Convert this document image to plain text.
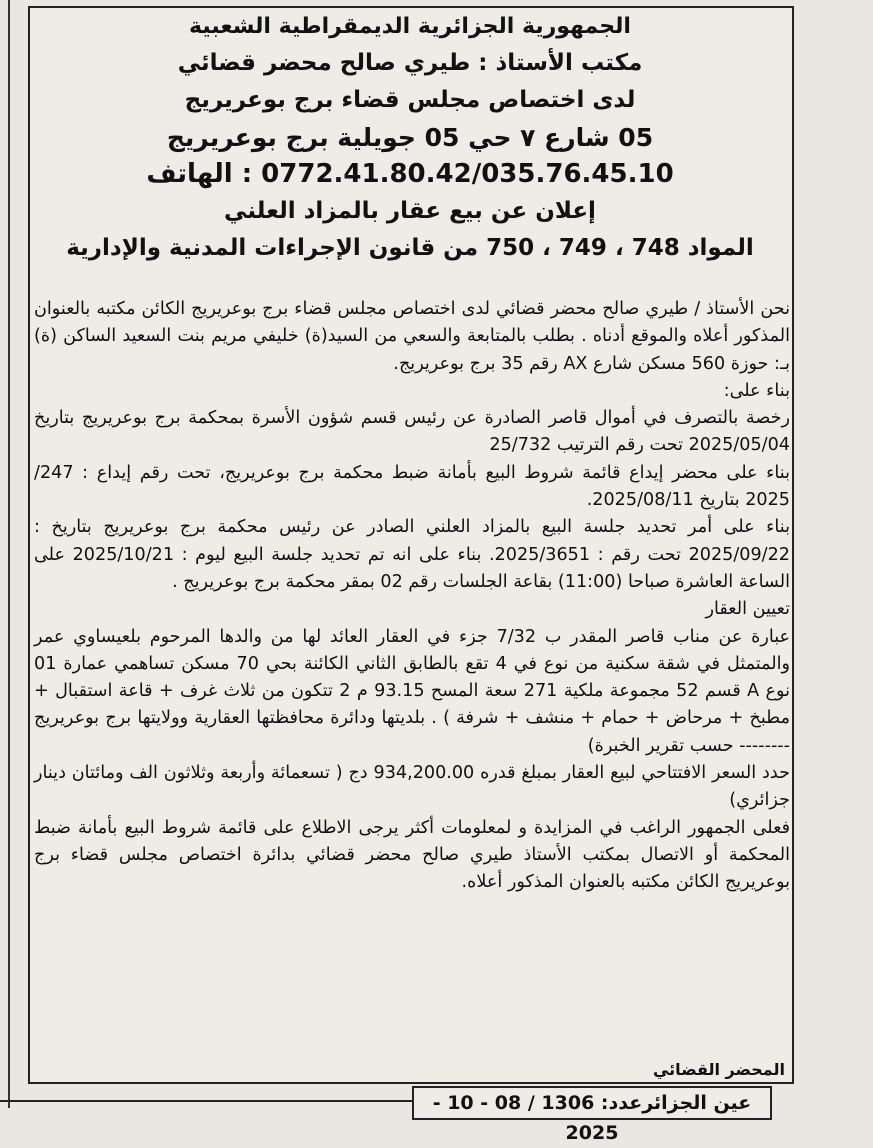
الجمهورية الجزائرية الديمقراطية الشعبية

مكتب الأستاذ : طيري صالح محضر قضائي

لدى اختصاص مجلس قضاء برج بوعريريج

05 شارع ٧ حي 05 جويلية برج بوعريريج

0772.41.80.42/035.76.45.10 : الهاتف

إعلان عن بيع عقار بالمزاد العلني

المواد 748 ، 749 ، 750 من قانون الإجراءات المدنية والإدارية

نحن الأستاذ / طيري صالح محضر قضائي لدى اختصاص مجلس قضاء برج بوعريريج الكائن مكتبه بالعنوان المذكور أعلاه والموقع أدناه . بطلب بالمتابعة والسعي من السيد(ة) خليفي مريم بنت السعيد الساكن (ة) بـ: حوزة 560 مسكن شارع AX رقم 35 برج بوعريريج.

بناء على:

رخصة بالتصرف في أموال قاصر الصادرة عن رئيس قسم شؤون الأسرة بمحكمة برج بوعريريج بتاريخ 2025/05/04 تحت رقم الترتيب 25/732

بناء على محضر إيداع قائمة شروط البيع بأمانة ضبط محكمة برج بوعريريج، تحت رقم إيداع : 247/ 2025 بتاريخ 2025/08/11.

بناء على أمر تحديد جلسة البيع بالمزاد العلني الصادر عن رئيس محكمة برج بوعريريج بتاريخ : 2025/09/22 تحت رقم : 2025/3651. بناء على انه تم تحديد جلسة البيع ليوم : 2025/10/21 على الساعة العاشرة صباحا (11:00) بقاعة الجلسات رقم 02 بمقر محكمة برج بوعريريج .

تعيين العقار

عبارة عن مناب قاصر المقدر ب 7/32 جزء في العقار العائد لها من والدها المرحوم بلعيساوي عمر والمتمثل في شقة سكنية من نوع في 4 تقع بالطابق الثاني الكائنة بحي 70 مسكن تساهمي عمارة 01 نوع A قسم 52 مجموعة ملكية 271 سعة المسح 93.15 م 2 تتكون من ثلاث غرف + قاعة استقبال + مطبخ + مرحاض + حمام + منشف + شرفة ) . بلديتها ودائرة محافظتها العقارية وولايتها برج بوعريريج -------- حسب تقرير الخبرة)

حدد السعر الافتتاحي لبيع العقار بمبلغ قدره 934,200.00 دج ( تسعمائة وأربعة وثلاثون الف ومائتان دينار جزائري)

فعلى الجمهور الراغب في المزايدة و لمعلومات أكثر يرجى الاطلاع على قائمة شروط البيع بأمانة ضبط المحكمة أو الاتصال بمكتب الأستاذ طيري صالح محضر قضائي بدائرة اختصاص مجلس قضاء برج بوعريريج الكائن مكتبه بالعنوان المذكور أعلاه.

المحضر القضائي
عين الجزائرعدد: 1306 / 08 - 10 - 2025
